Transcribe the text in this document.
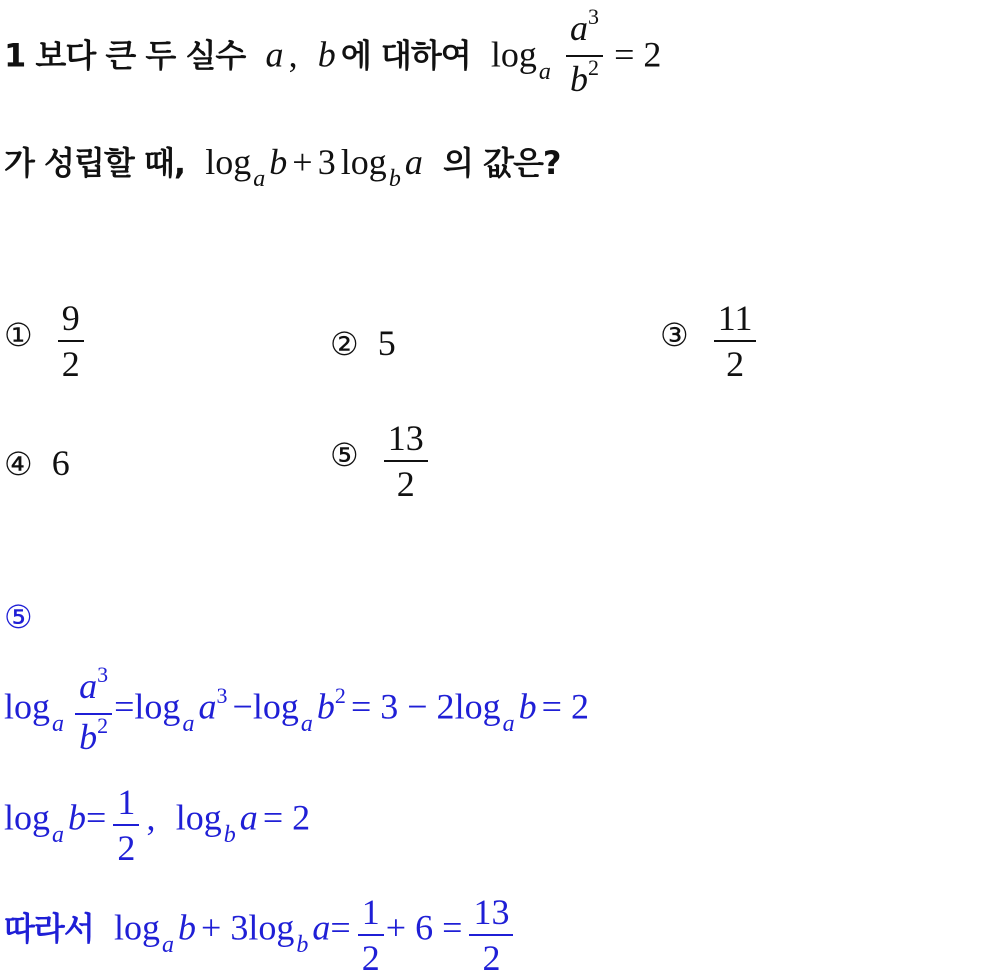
1 보다 큰 두 실수 a , b 에 대하여 loga $\frac{a^3}{b^2} = 2$
가 성립할 때, loga b + 3 logb a 의 값은?
① $\frac{9}{2}$	② 5	③ $\frac{11}{2}$
④ 6	⑤ $\frac{13}{2}$
⑤
loga $\frac{a^3}{b^2} =\log a$ a3 −loga b2 = 3 − 2loga b = 2
loga $b= \frac{1}{2}$ , logb a = 2
따라서 loga b + 3logb $a= \frac{1}{2} + 6 = \frac{13}{2}$
